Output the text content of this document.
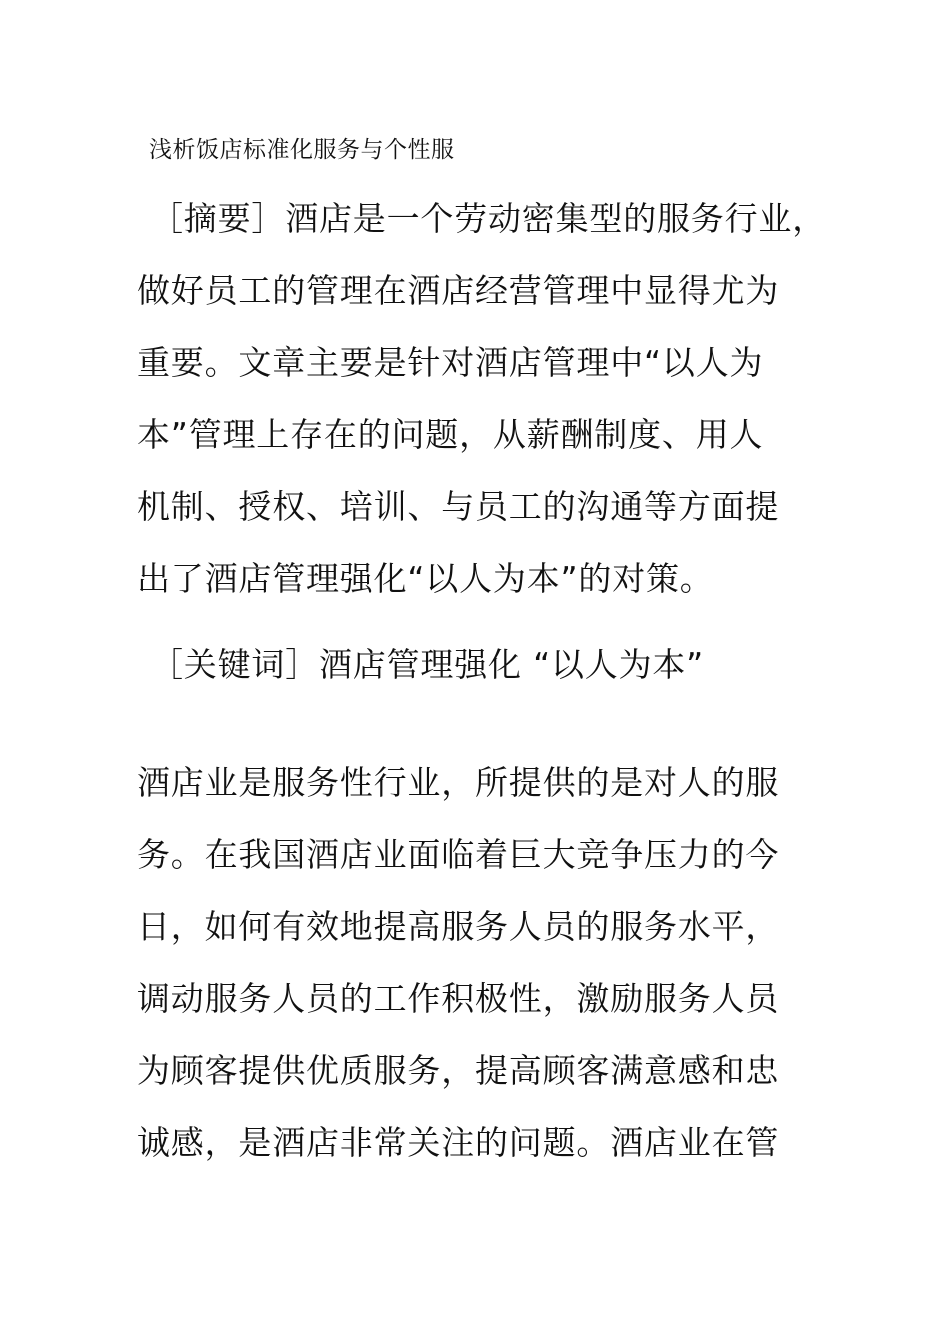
浅析饭店标准化服务与个性服
［摘要］酒店是一个劳动密集型的服务行业，
做好员工的管理在酒店经营管理中显得尤为
重要。文章主要是针对酒店管理中“以人为
本”管理上存在的问题，从薪酬制度、用人
机制、授权、培训、与员工的沟通等方面提
出了酒店管理强化“以人为本”的对策。
［关键词］酒店管理强化 “以人为本”
酒店业是服务性行业，所提供的是对人的服
务。在我国酒店业面临着巨大竞争压力的今
日，如何有效地提高服务人员的服务水平，
调动服务人员的工作积极性，激励服务人员
为顾客提供优质服务，提高顾客满意感和忠
诚感，是酒店非常关注的问题。酒店业在管
